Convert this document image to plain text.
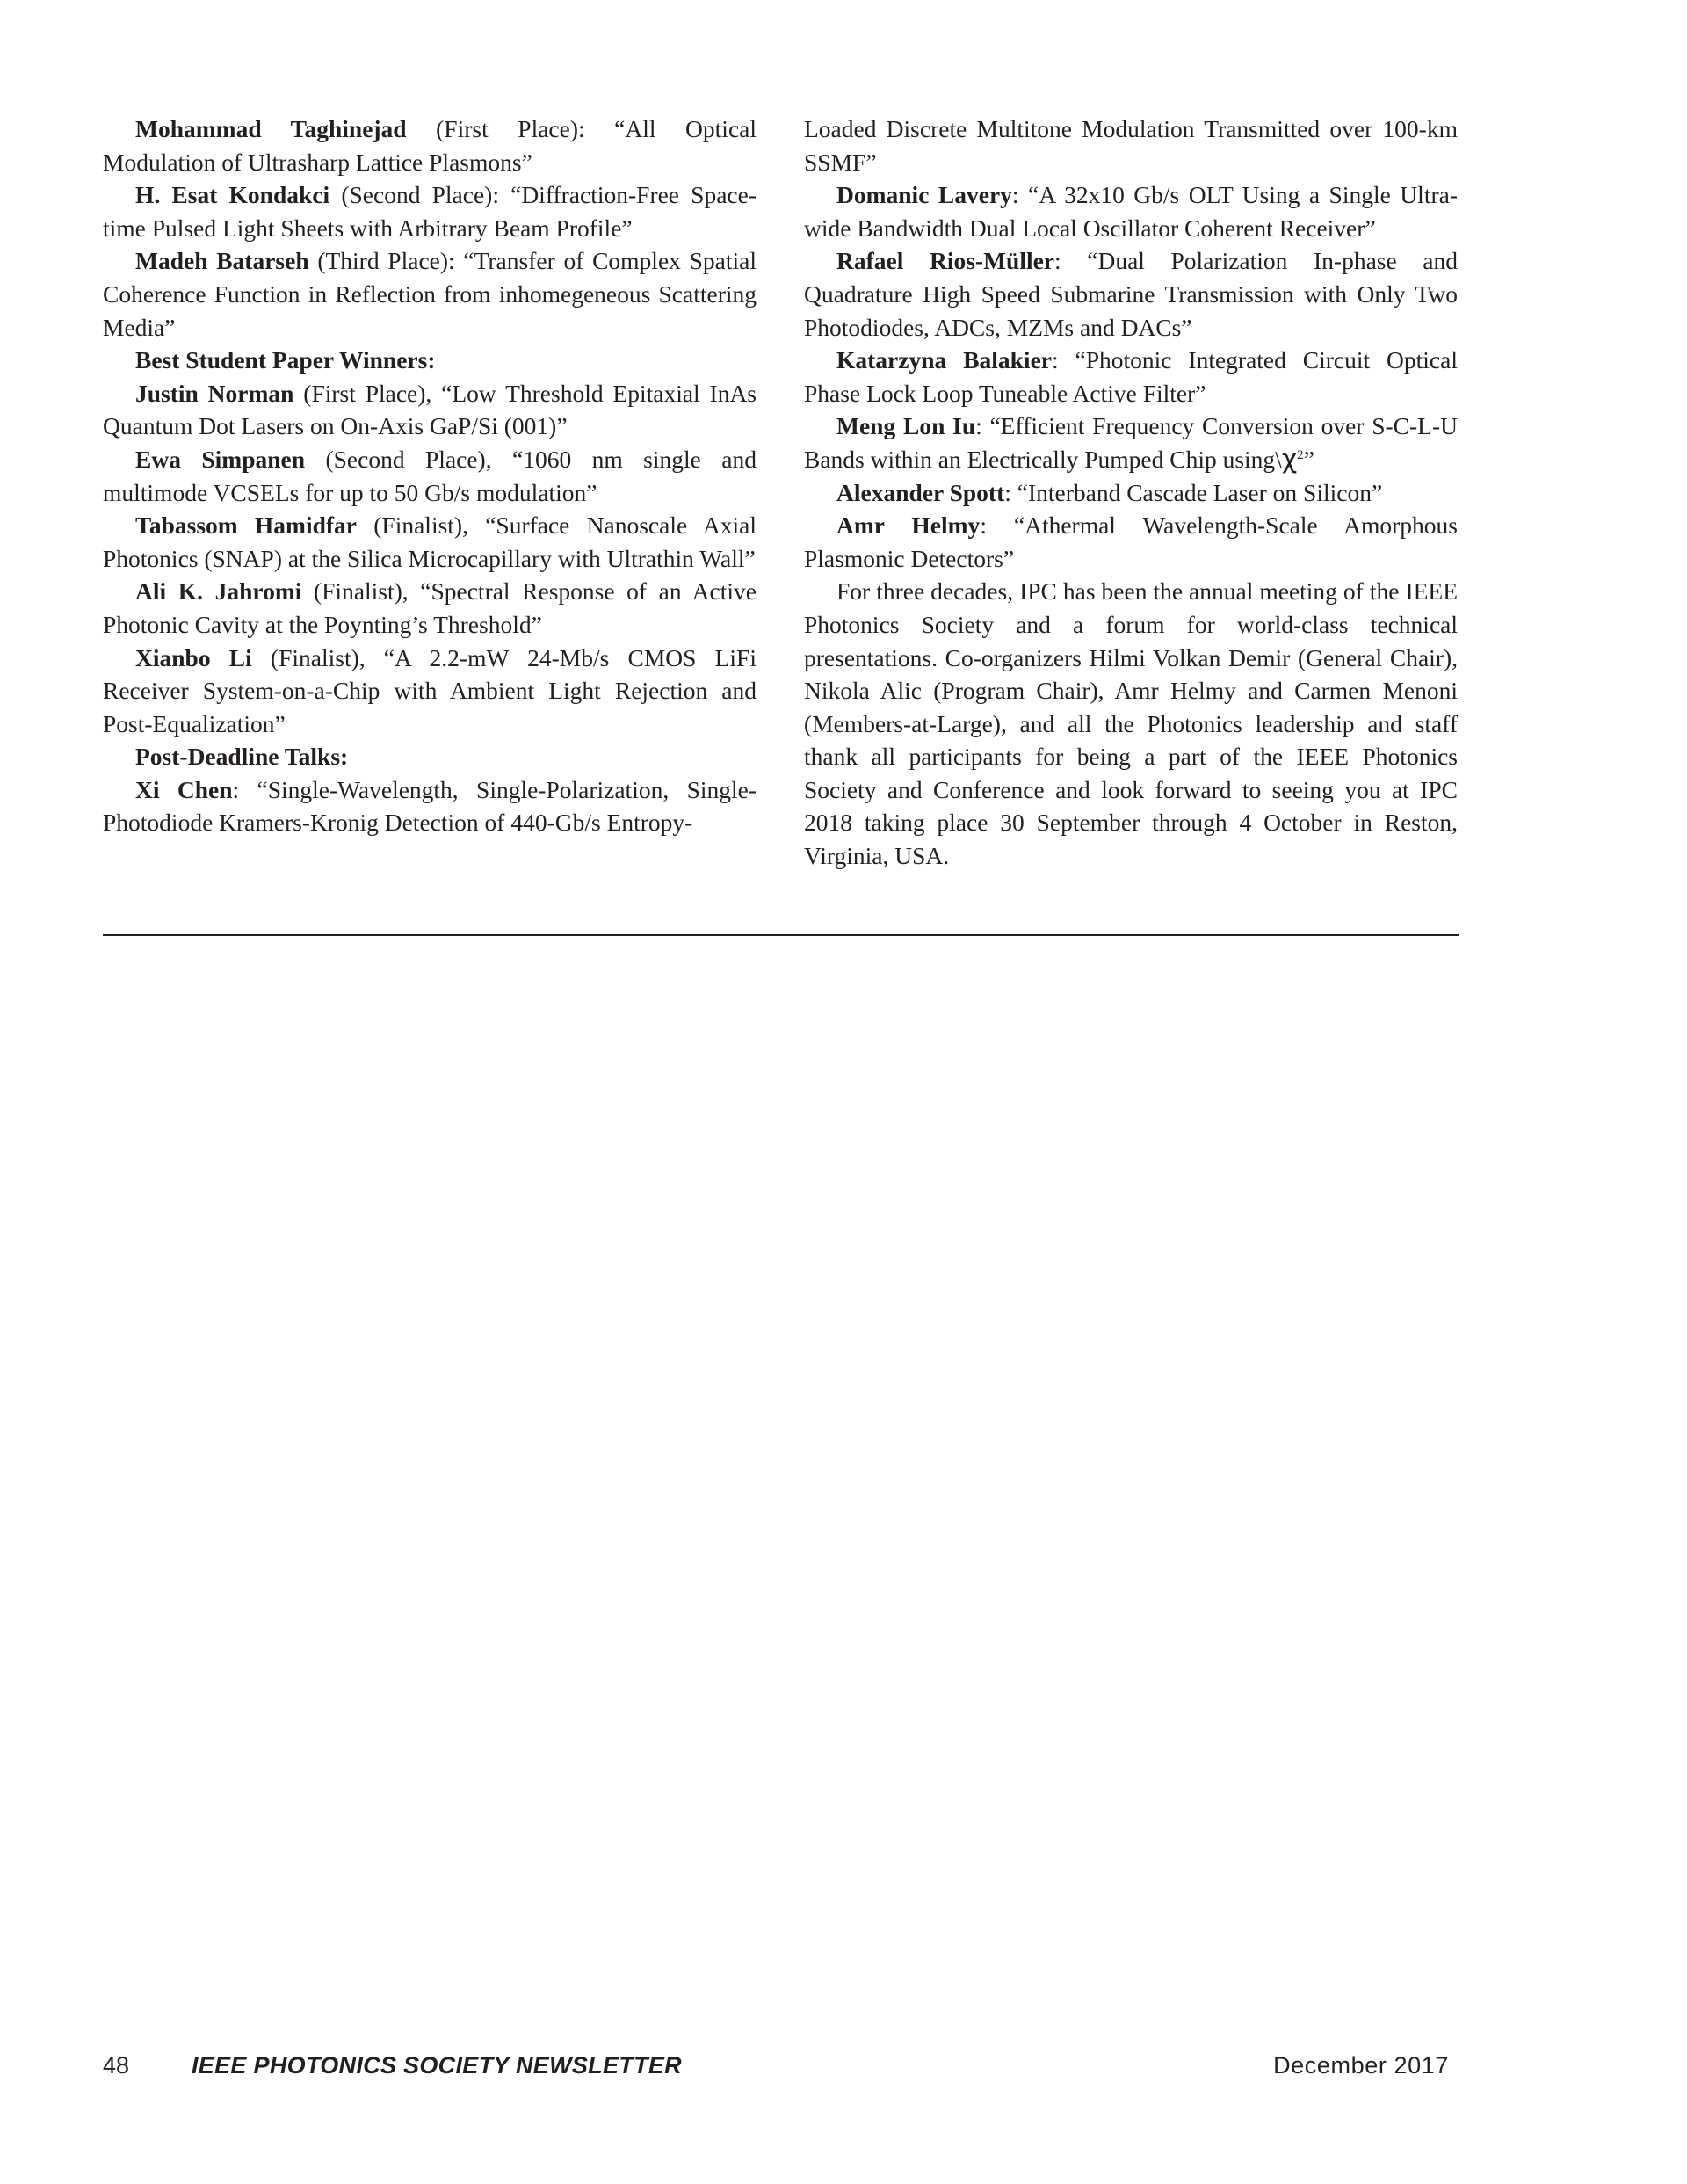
Mohammad Taghinejad (First Place): “All Optical Modulation of Ultrasharp Lattice Plasmons”

H. Esat Kondakci (Second Place): “Diffraction-Free Space-time Pulsed Light Sheets with Arbitrary Beam Profile”

Madeh Batarseh (Third Place): “Transfer of Complex Spatial Coherence Function in Reflection from inhomegeneous Scattering Media”

Best Student Paper Winners:

Justin Norman (First Place), “Low Threshold Epitaxial InAs Quantum Dot Lasers on On-Axis GaP/Si (001)”

Ewa Simpanen (Second Place), “1060 nm single and multimode VCSELs for up to 50 Gb/s modulation”

Tabassom Hamidfar (Finalist), “Surface Nanoscale Axial Photonics (SNAP) at the Silica Microcapillary with Ultrathin Wall”

Ali K. Jahromi (Finalist), “Spectral Response of an Active Photonic Cavity at the Poynting’s Threshold”

Xianbo Li (Finalist), “A 2.2-mW 24-Mb/s CMOS LiFi Receiver System-on-a-Chip with Ambient Light Rejection and Post-Equalization”

Post-Deadline Talks:

Xi Chen: “Single-Wavelength, Single-Polarization, Single-Photodiode Kramers-Kronig Detection of 440-Gb/s Entropy-

Loaded Discrete Multitone Modulation Transmitted over 100-km SSMF”

Domanic Lavery: “A 32x10 Gb/s OLT Using a Single Ultra-wide Bandwidth Dual Local Oscillator Coherent Receiver”

Rafael Rios-Müller: “Dual Polarization In-phase and Quadrature High Speed Submarine Transmission with Only Two Photodiodes, ADCs, MZMs and DACs”

Katarzyna Balakier: “Photonic Integrated Circuit Optical Phase Lock Loop Tuneable Active Filter”

Meng Lon Iu: “Efficient Frequency Conversion over S-C-L-U Bands within an Electrically Pumped Chip $using\backslash\chi^2$”

Alexander Spott: “Interband Cascade Laser on Silicon”

Amr Helmy: “Athermal Wavelength-Scale Amorphous Plasmonic Detectors”

For three decades, IPC has been the annual meeting of the IEEE Photonics Society and a forum for world-class technical presentations. Co-organizers Hilmi Volkan Demir (General Chair), Nikola Alic (Program Chair), Amr Helmy and Carmen Menoni (Members-at-Large), and all the Photonics leadership and staff thank all participants for being a part of the IEEE Photonics Society and Conference and look forward to seeing you at IPC 2018 taking place 30 September through 4 October in Reston, Virginia, USA.

48	IEEE PHOTONICS SOCIETY NEWSLETTER	December 2017
